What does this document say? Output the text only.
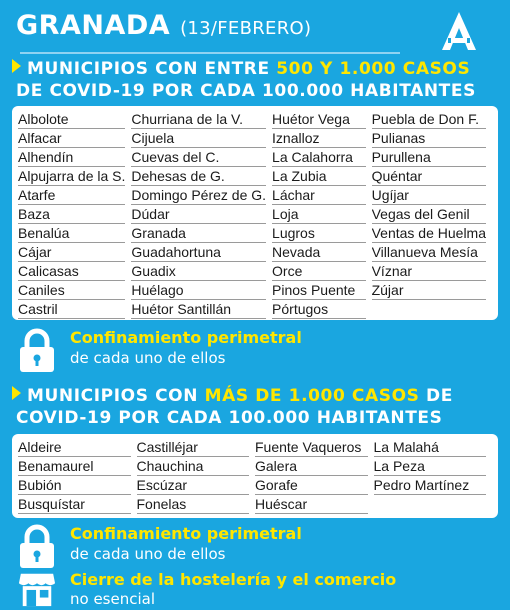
GRANADA (13/FEBRERO)
MUNICIPIOS CON ENTRE 500 Y 1.000 CASOS
DE COVID-19 POR CADA 100.000 HABITANTES
Albolote
Alfacar
Alhendín
Alpujarra de la S.
Atarfe
Baza
Benalúa
Cájar
Calicasas
Caniles
Castril
Churriana de la V.
Cijuela
Cuevas del C.
Dehesas de G.
Domingo Pérez de G.
Dúdar
Granada
Guadahortuna
Guadix
Huélago
Huétor Santillán
Huétor Vega
Iznalloz
La Calahorra
La Zubia
Láchar
Loja
Lugros
Nevada
Orce
Pinos Puente
Pórtugos
Puebla de Don F.
Pulianas
Purullena
Quéntar
Ugíjar
Vegas del Genil
Ventas de Huelma
Villanueva Mesía
Víznar
Zújar
Confinamiento perimetral
de cada uno de ellos
MUNICIPIOS CON MÁS DE 1.000 CASOS DE
COVID-19 POR CADA 100.000 HABITANTES
Aldeire
Benamaurel
Bubión
Busquístar
Castilléjar
Chauchina
Escúzar
Fonelas
Fuente Vaqueros
Galera
Gorafe
Huéscar
La Malahá
La Peza
Pedro Martínez
Confinamiento perimetral
de cada uno de ellos
Cierre de la hostelería y el comercio
no esencial
